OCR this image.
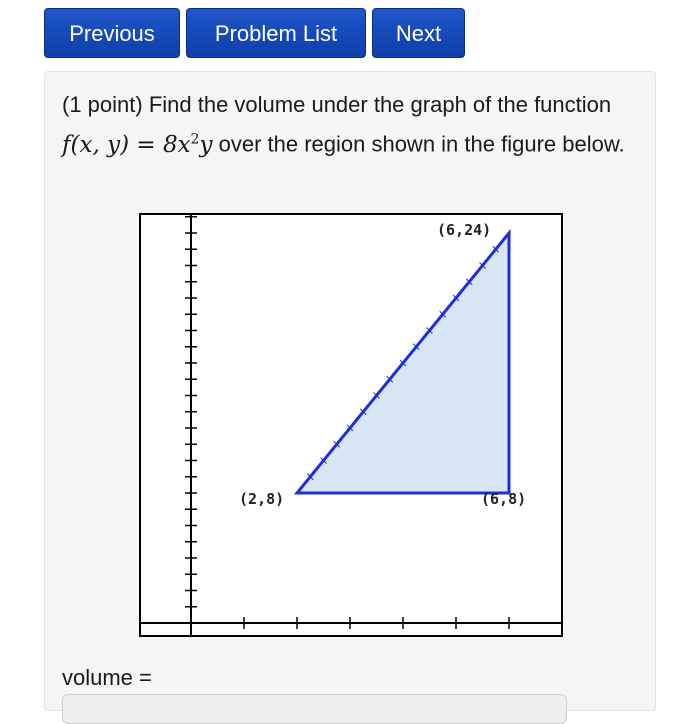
Previous	Problem List	Next
(1 point) Find the volume under the graph of the function f(x, $y) = 8x^2y$ over the region shown in the figure below.
(2,8)	(6,8)
(6,24)
volume =
